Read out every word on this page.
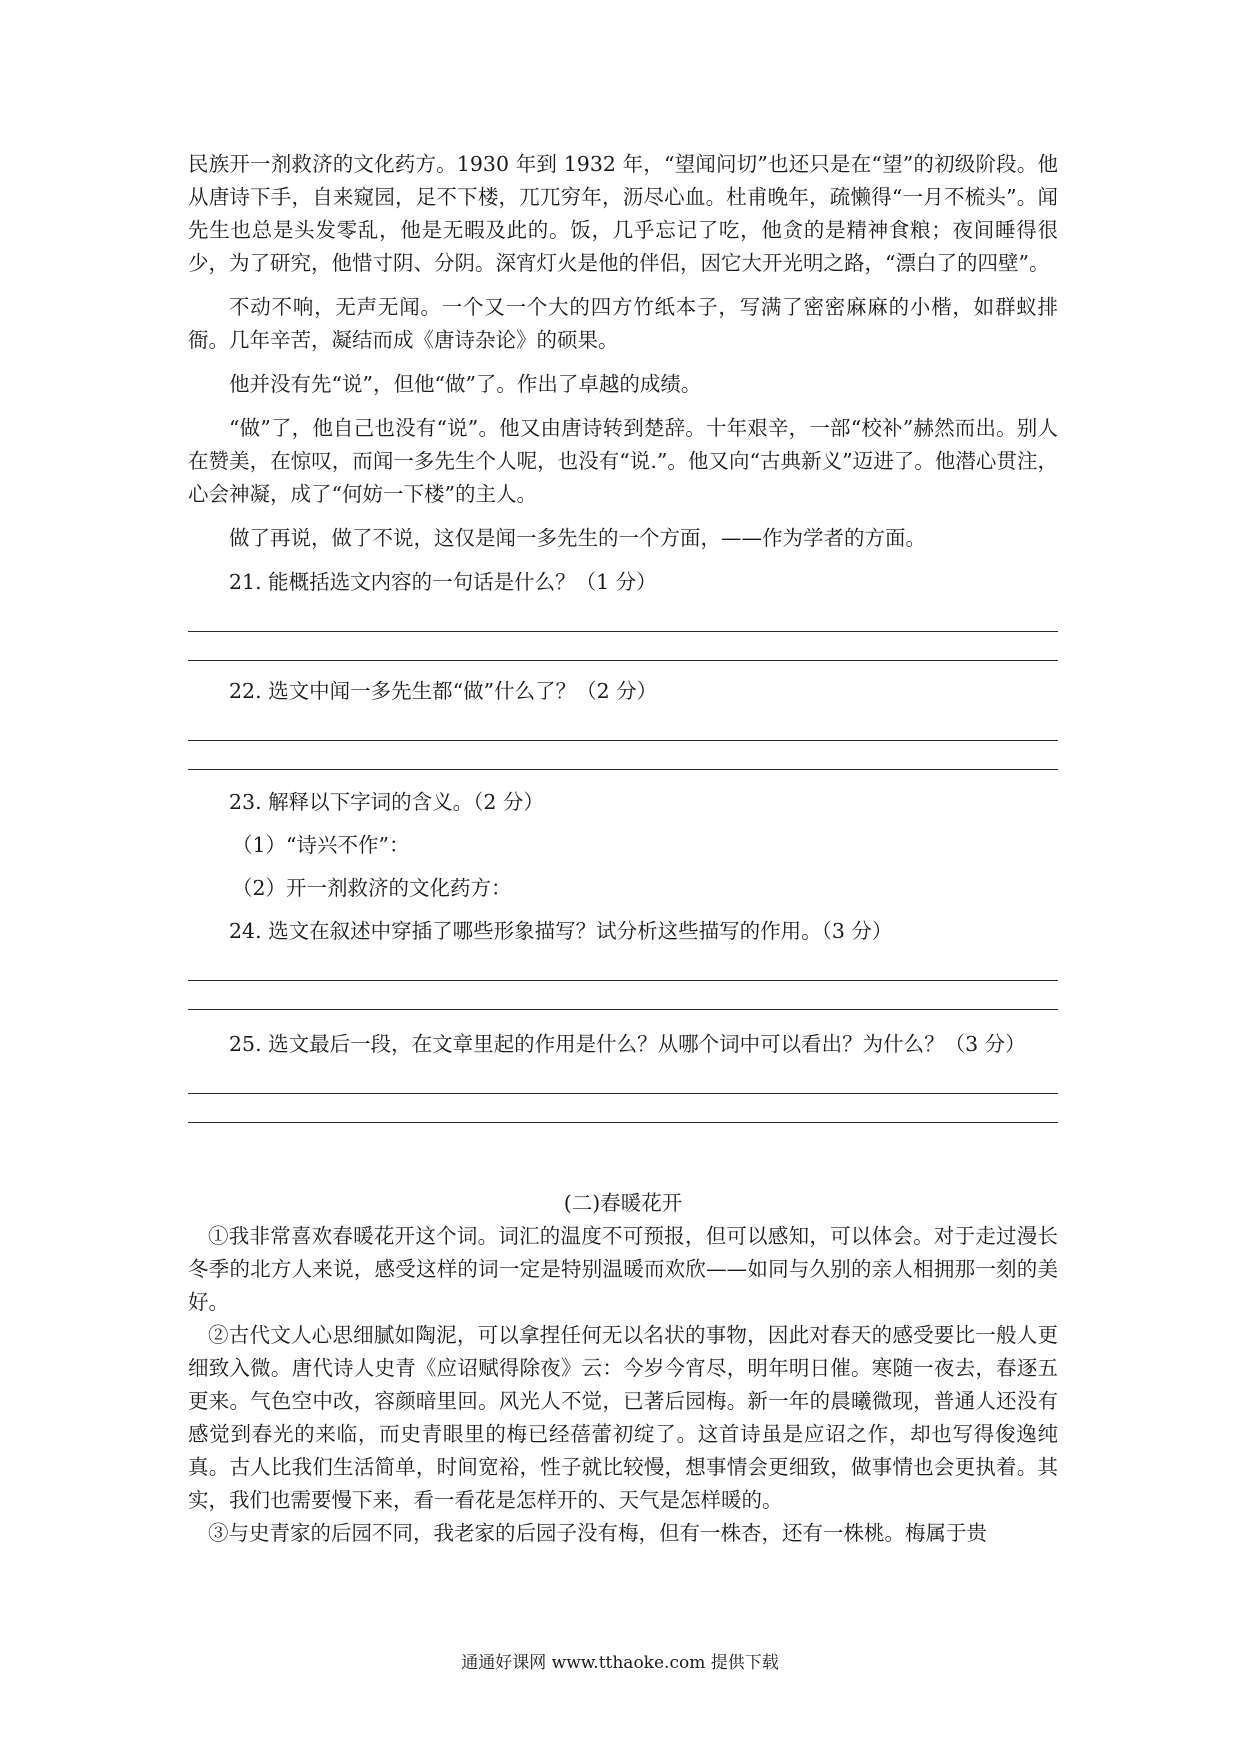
民族开一剂救济的文化药方。1930 年到 1932 年，“望闻问切”也还只是在“望”的初级阶段。他从唐诗下手，自来窥园，足不下楼，兀兀穷年，沥尽心血。杜甫晚年，疏懒得“一月不梳头”。闻先生也总是头发零乱，他是无暇及此的。饭，几乎忘记了吃，他贪的是精神食粮；夜间睡得很少，为了研究，他惜寸阴、分阴。深宵灯火是他的伴侣，因它大开光明之路，“漂白了的四壁”。

不动不响，无声无闻。一个又一个大的四方竹纸本子，写满了密密麻麻的小楷，如群蚁排衙。几年辛苦，凝结而成《唐诗杂论》的硕果。

他并没有先“说”，但他“做”了。作出了卓越的成绩。

“做”了，他自己也没有“说”。他又由唐诗转到楚辞。十年艰辛，一部“校补”赫然而出。别人在赞美，在惊叹，而闻一多先生个人呢，也没有“说.”。他又向“古典新义”迈进了。他潜心贯注，心会神凝，成了“何妨一下楼”的主人。

做了再说，做了不说，这仅是闻一多先生的一个方面，——作为学者的方面。

21. 能概括选文内容的一句话是什么？（1 分）
22. 选文中闻一多先生都“做”什么了？（2 分）
23. 解释以下字词的含义。（2 分）
（1）“诗兴不作”：
（2）开一剂救济的文化药方：
24. 选文在叙述中穿插了哪些形象描写？试分析这些描写的作用。（3 分）
25. 选文最后一段，在文章里起的作用是什么？从哪个词中可以看出？为什么？（3 分）
(二)春暖花开

①我非常喜欢春暖花开这个词。词汇的温度不可预报，但可以感知，可以体会。对于走过漫长冬季的北方人来说，感受这样的词一定是特别温暖而欢欣——如同与久别的亲人相拥那一刻的美好。

②古代文人心思细腻如陶泥，可以拿捏任何无以名状的事物，因此对春天的感受要比一般人更细致入微。唐代诗人史青《应诏赋得除夜》云：今岁今宵尽，明年明日催。寒随一夜去，春逐五更来。气色空中改，容颜暗里回。风光人不觉，已著后园梅。新一年的晨曦微现，普通人还没有感觉到春光的来临，而史青眼里的梅已经蓓蕾初绽了。这首诗虽是应诏之作，却也写得俊逸纯真。古人比我们生活简单，时间宽裕，性子就比较慢，想事情会更细致，做事情也会更执着。其实，我们也需要慢下来，看一看花是怎样开的、天气是怎样暖的。

③与史青家的后园不同，我老家的后园子没有梅，但有一株杏，还有一株桃。梅属于贵

通通好课网 www.tthaoke.com 提供下载
